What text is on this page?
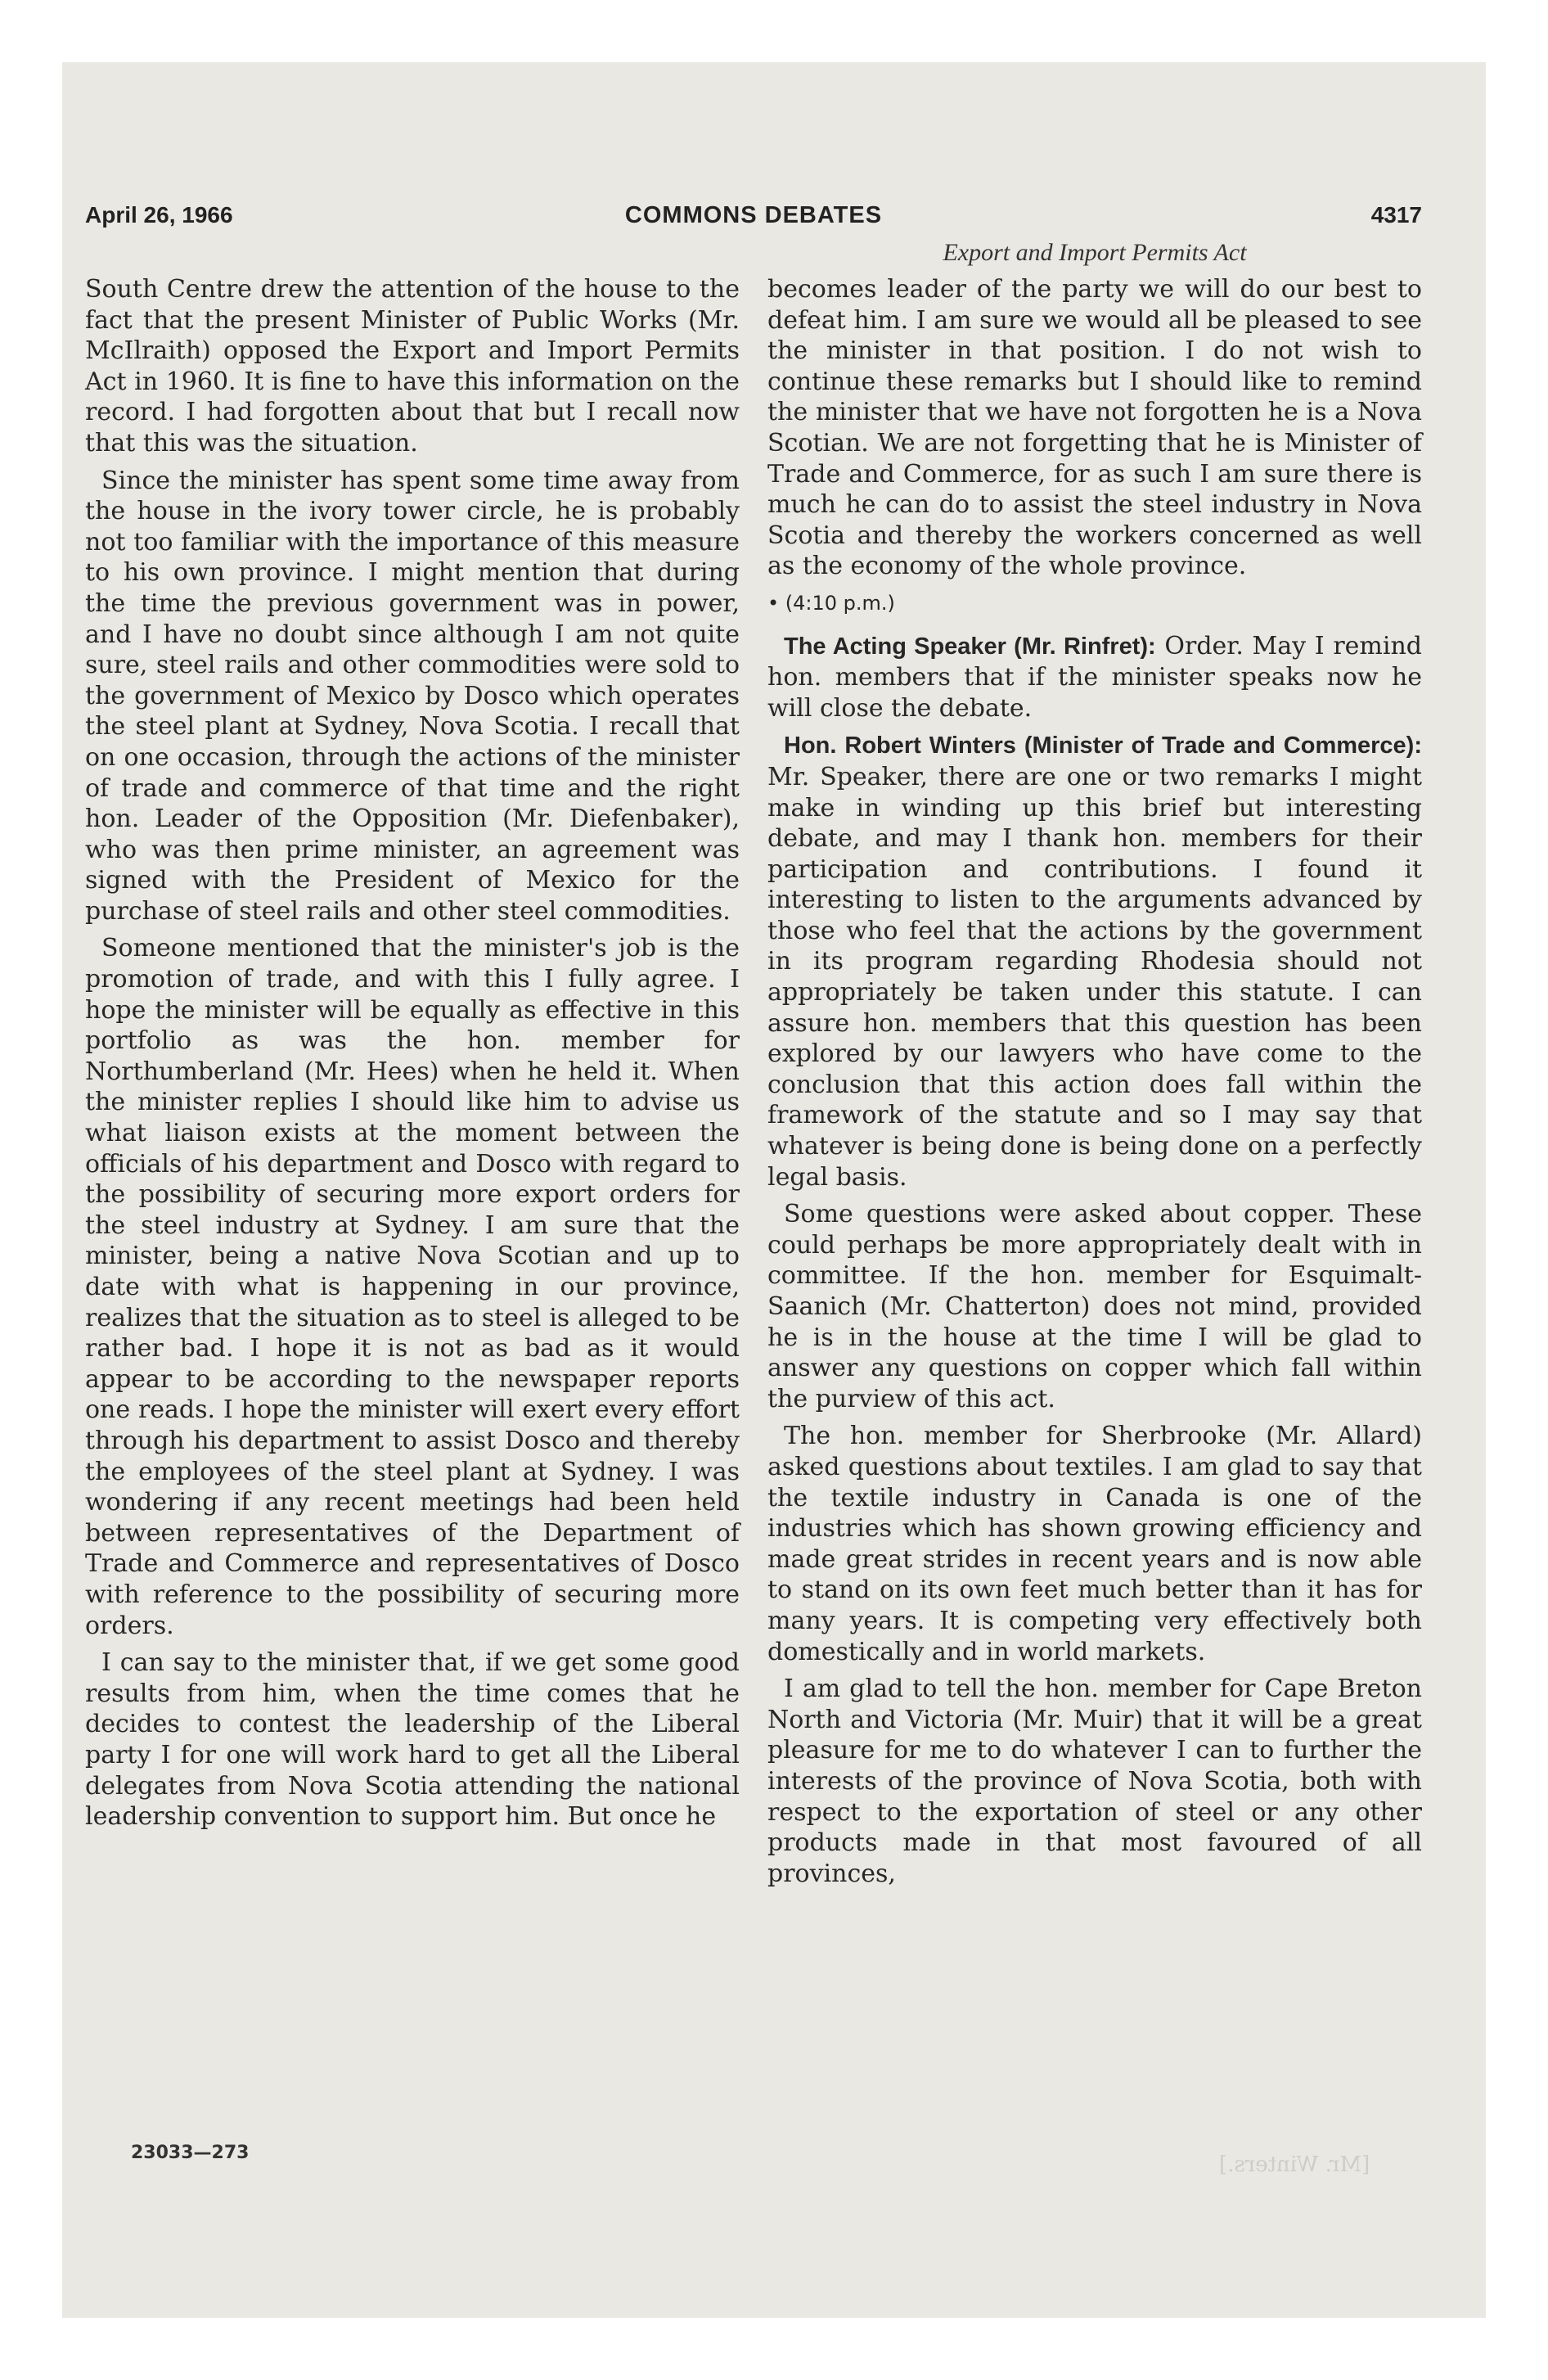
April 26, 1966	COMMONS DEBATES	4317
Export and Import Permits Act

South Centre drew the attention of the house to the fact that the present Minister of Public Works (Mr. McIlraith) opposed the Export and Import Permits Act in 1960. It is fine to have this information on the record. I had forgotten about that but I recall now that this was the situation.

Since the minister has spent some time away from the house in the ivory tower circle, he is probably not too familiar with the importance of this measure to his own province. I might mention that during the time the previous government was in power, and I have no doubt since although I am not quite sure, steel rails and other commodities were sold to the government of Mexico by Dosco which operates the steel plant at Sydney, Nova Scotia. I recall that on one occasion, through the actions of the minister of trade and commerce of that time and the right hon. Leader of the Opposition (Mr. Diefenbaker), who was then prime minister, an agreement was signed with the President of Mexico for the purchase of steel rails and other steel commodities.

Someone mentioned that the minister's job is the promotion of trade, and with this I fully agree. I hope the minister will be equally as effective in this portfolio as was the hon. member for Northumberland (Mr. Hees) when he held it. When the minister replies I should like him to advise us what liaison exists at the moment between the officials of his department and Dosco with regard to the possibility of securing more export orders for the steel industry at Sydney. I am sure that the minister, being a native Nova Scotian and up to date with what is happening in our province, realizes that the situation as to steel is alleged to be rather bad. I hope it is not as bad as it would appear to be according to the newspaper reports one reads. I hope the minister will exert every effort through his department to assist Dosco and thereby the employees of the steel plant at Sydney. I was wondering if any recent meetings had been held between representatives of the Department of Trade and Commerce and representatives of Dosco with reference to the possibility of securing more orders.

I can say to the minister that, if we get some good results from him, when the time comes that he decides to contest the leadership of the Liberal party I for one will work hard to get all the Liberal delegates from Nova Scotia attending the national leadership convention to support him. But once he

becomes leader of the party we will do our best to defeat him. I am sure we would all be pleased to see the minister in that position. I do not wish to continue these remarks but I should like to remind the minister that we have not forgotten he is a Nova Scotian. We are not forgetting that he is Minister of Trade and Commerce, for as such I am sure there is much he can do to assist the steel industry in Nova Scotia and thereby the workers concerned as well as the economy of the whole province.

• (4:10 p.m.)

The Acting Speaker (Mr. Rinfret): Order. May I remind hon. members that if the minister speaks now he will close the debate.

Hon. Robert Winters (Minister of Trade and Commerce): Mr. Speaker, there are one or two remarks I might make in winding up this brief but interesting debate, and may I thank hon. members for their participation and contributions. I found it interesting to listen to the arguments advanced by those who feel that the actions by the government in its program regarding Rhodesia should not appropriately be taken under this statute. I can assure hon. members that this question has been explored by our lawyers who have come to the conclusion that this action does fall within the framework of the statute and so I may say that whatever is being done is being done on a perfectly legal basis.

Some questions were asked about copper. These could perhaps be more appropriately dealt with in committee. If the hon. member for Esquimalt-Saanich (Mr. Chatterton) does not mind, provided he is in the house at the time I will be glad to answer any questions on copper which fall within the purview of this act.

The hon. member for Sherbrooke (Mr. Allard) asked questions about textiles. I am glad to say that the textile industry in Canada is one of the industries which has shown growing efficiency and made great strides in recent years and is now able to stand on its own feet much better than it has for many years. It is competing very effectively both domestically and in world markets.

I am glad to tell the hon. member for Cape Breton North and Victoria (Mr. Muir) that it will be a great pleasure for me to do whatever I can to further the interests of the province of Nova Scotia, both with respect to the exportation of steel or any other products made in that most favoured of all provinces,

23033—273	[Mr. Winters.]
